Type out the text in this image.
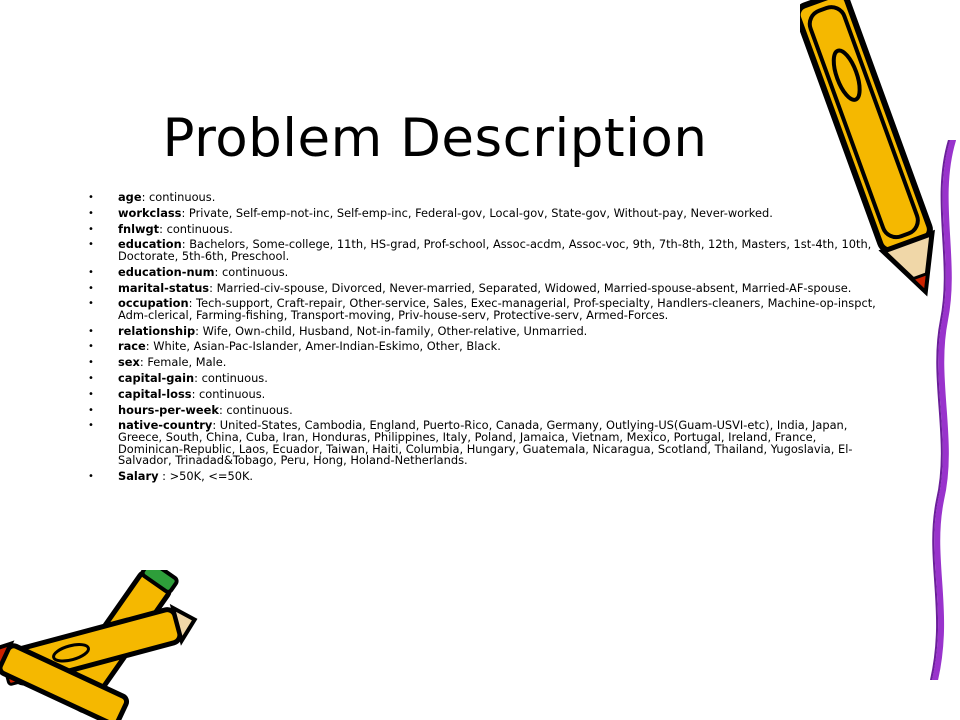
Problem Description
• age: continuous.
• workclass: Private, Self-emp-not-inc, Self-emp-inc, Federal-gov, Local-gov, State-gov, Without-pay, Never-worked.
• fnlwgt: continuous.
• education: Bachelors, Some-college, 11th, HS-grad, Prof-school, Assoc-acdm, Assoc-voc, 9th, 7th-8th, 12th, Masters, 1st-4th, 10th, Doctorate, 5th-6th, Preschool.
• education-num: continuous.
• marital-status: Married-civ-spouse, Divorced, Never-married, Separated, Widowed, Married-spouse-absent, Married-AF-spouse.
• occupation: Tech-support, Craft-repair, Other-service, Sales, Exec-managerial, Prof-specialty, Handlers-cleaners, Machine-op-inspct, Adm-clerical, Farming-fishing, Transport-moving, Priv-house-serv, Protective-serv, Armed-Forces.
• relationship: Wife, Own-child, Husband, Not-in-family, Other-relative, Unmarried.
• race: White, Asian-Pac-Islander, Amer-Indian-Eskimo, Other, Black.
• sex: Female, Male.
• capital-gain: continuous.
• capital-loss: continuous.
• hours-per-week: continuous.
• native-country: United-States, Cambodia, England, Puerto-Rico, Canada, Germany, Outlying-US(Guam-USVI-etc), India, Japan, Greece, South, China, Cuba, Iran, Honduras, Philippines, Italy, Poland, Jamaica, Vietnam, Mexico, Portugal, Ireland, France, Dominican-Republic, Laos, Ecuador, Taiwan, Haiti, Columbia, Hungary, Guatemala, Nicaragua, Scotland, Thailand, Yugoslavia, El-Salvador, Trinadad&Tobago, Peru, Hong, Holand-Netherlands.
• Salary : >50K, <=50K.
